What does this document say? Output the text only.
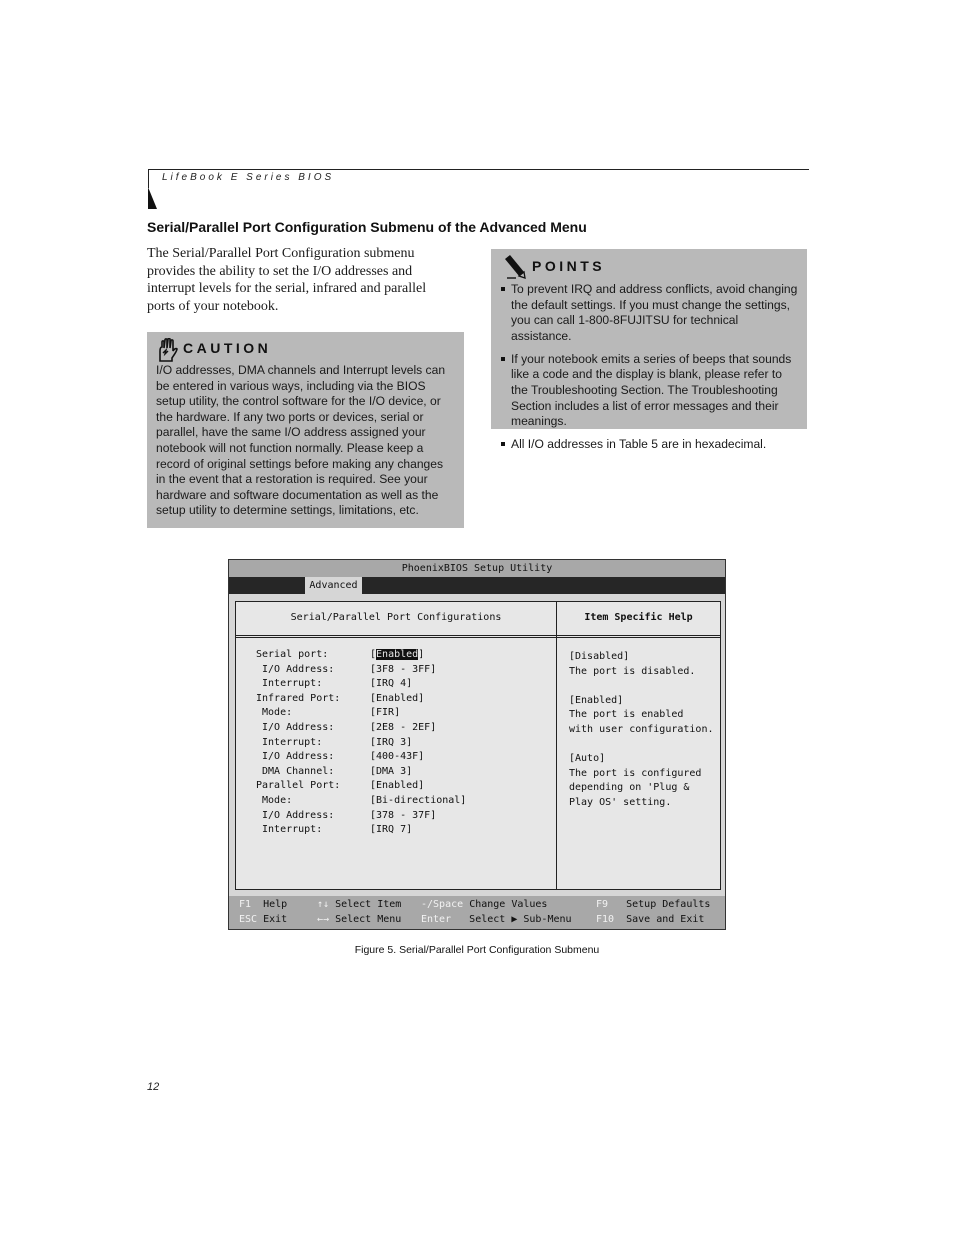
LifeBook E Series BIOS
Serial/Parallel Port Configuration Submenu of the Advanced Menu
The Serial/Parallel Port Configuration submenu provides the ability to set the I/O addresses and interrupt levels for the serial, infrared and parallel ports of your notebook.
CAUTION
I/O addresses, DMA channels and Interrupt levels can be entered in various ways, including via the BIOS setup utility, the control software for the I/O device, or the hardware. If any two ports or devices, serial or parallel, have the same I/O address assigned your notebook will not function normally. Please keep a record of original settings before making any changes in the event that a restoration is required. See your hardware and software documentation as well as the setup utility to determine settings, limitations, etc.
POINTS
To prevent IRQ and address conflicts, avoid changing the default settings. If you must change the settings, you can call 1-800-8FUJITSU for technical assistance.
If your notebook emits a series of beeps that sounds like a code and the display is blank, please refer to the Troubleshooting Section. The Troubleshooting Section includes a list of error messages and their meanings.
All I/O addresses in Table 5 are in hexadecimal.
PhoenixBIOS Setup Utility
Advanced
Serial/Parallel Port Configurations	Item Specific Help
Serial port:
I/O Address:
Interrupt:
Infrared Port:
Mode:
I/O Address:
Interrupt:
I/O Address:
DMA Channel:
Parallel Port:
Mode:
I/O Address:
Interrupt:
[Enabled]
[3F8 - 3FF]
[IRQ 4]
[Enabled]
[FIR]
[2E8 - 2EF]
[IRQ 3]
[400-43F]
[DMA 3]
[Enabled]
[Bi-directional]
[378 - 37F]
[IRQ 7]
[Disabled]
The port is disabled.
[Enabled]
The port is enabled
with user configuration.
[Auto]
The port is configured
depending on 'Plug &
Play OS' setting.
F1 Help
ESC Exit
↑↓ Select Item
←→ Select Menu
-/Space Change Values
Enter Select ▶ Sub-Menu
F9 Setup Defaults
F10 Save and Exit
Figure 5. Serial/Parallel Port Configuration Submenu
12
